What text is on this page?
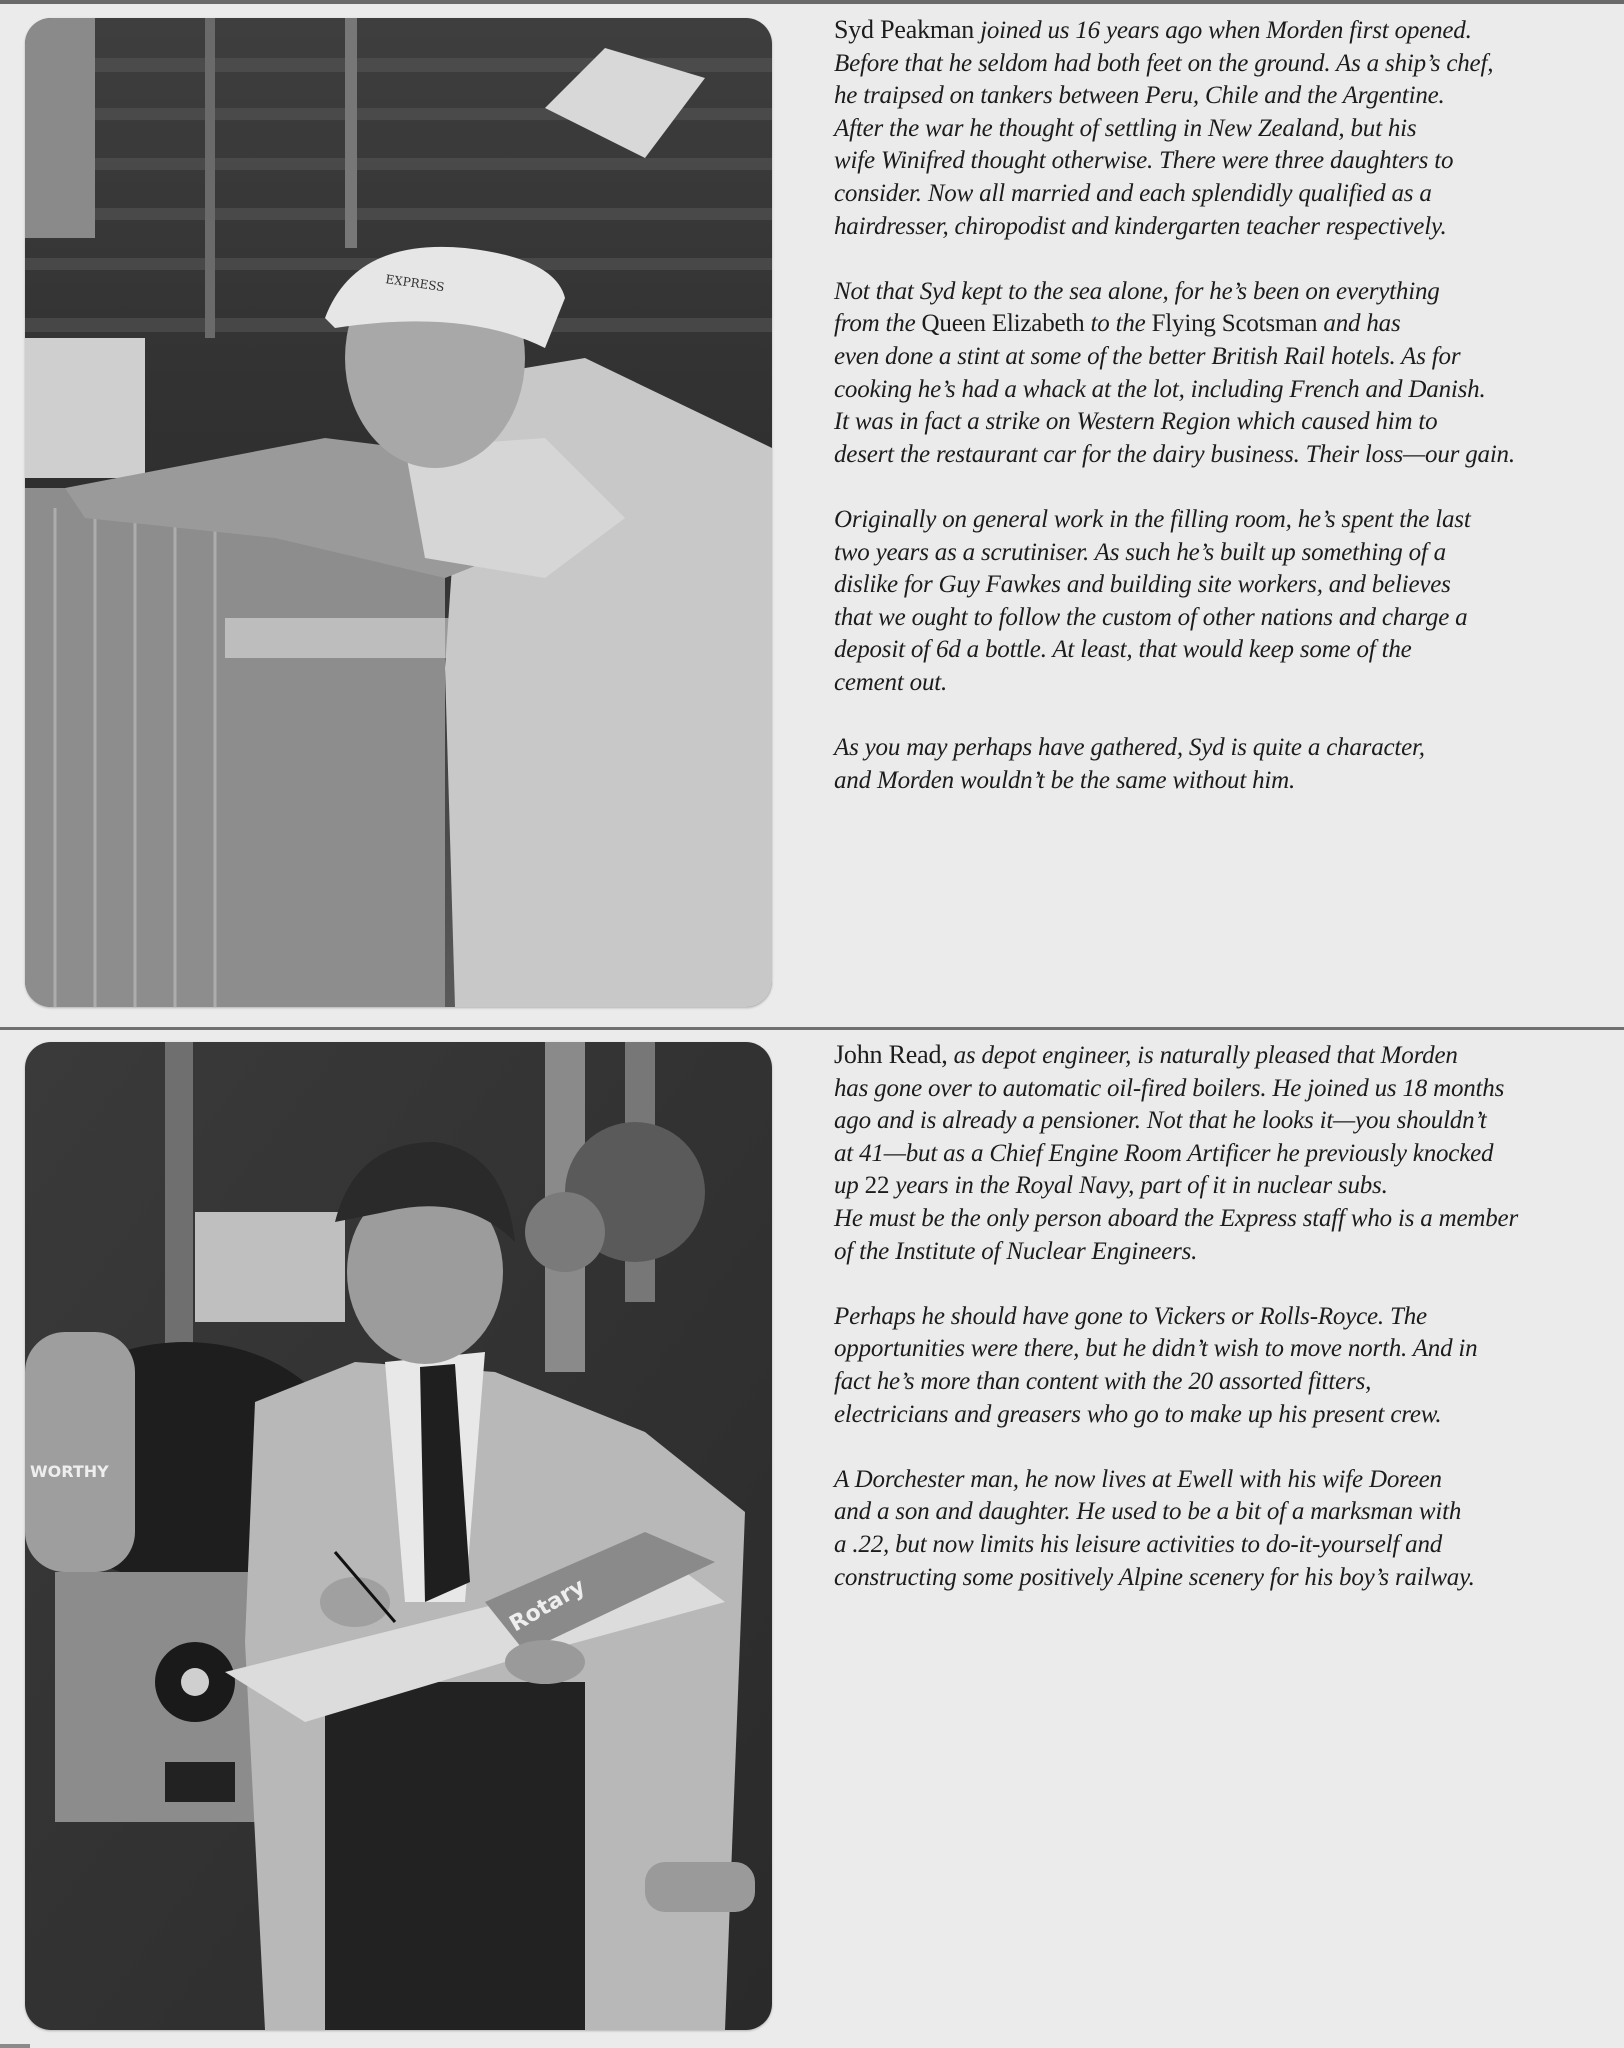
EXPRESS

Syd Peakman joined us 16 years ago when Morden first opened.
Before that he seldom had both feet on the ground. As a ship’s chef,
he traipsed on tankers between Peru, Chile and the Argentine.
After the war he thought of settling in New Zealand, but his
wife Winifred thought otherwise. There were three daughters to
consider. Now all married and each splendidly qualified as a
hairdresser, chiropodist and kindergarten teacher respectively.

Not that Syd kept to the sea alone, for he’s been on everything
from the Queen Elizabeth to the Flying Scotsman and has
even done a stint at some of the better British Rail hotels. As for
cooking he’s had a whack at the lot, including French and Danish.
It was in fact a strike on Western Region which caused him to
desert the restaurant car for the dairy business. Their loss—our gain.

Originally on general work in the filling room, he’s spent the last
two years as a scrutiniser. As such he’s built up something of a
dislike for Guy Fawkes and building site workers, and believes
that we ought to follow the custom of other nations and charge a
deposit of 6d a bottle. At least, that would keep some of the
cement out.

As you may perhaps have gathered, Syd is quite a character,
and Morden wouldn’t be the same without him.

WORTHY
Rotary

John Read, as depot engineer, is naturally pleased that Morden
has gone over to automatic oil-fired boilers. He joined us 18 months
ago and is already a pensioner. Not that he looks it—you shouldn’t
at 41—but as a Chief Engine Room Artificer he previously knocked
up 22 years in the Royal Navy, part of it in nuclear subs.
He must be the only person aboard the Express staff who is a member
of the Institute of Nuclear Engineers.

Perhaps he should have gone to Vickers or Rolls-Royce. The
opportunities were there, but he didn’t wish to move north. And in
fact he’s more than content with the 20 assorted fitters,
electricians and greasers who go to make up his present crew.

A Dorchester man, he now lives at Ewell with his wife Doreen
and a son and daughter. He used to be a bit of a marksman with
a .22, but now limits his leisure activities to do-it-yourself and
constructing some positively Alpine scenery for his boy’s railway.
